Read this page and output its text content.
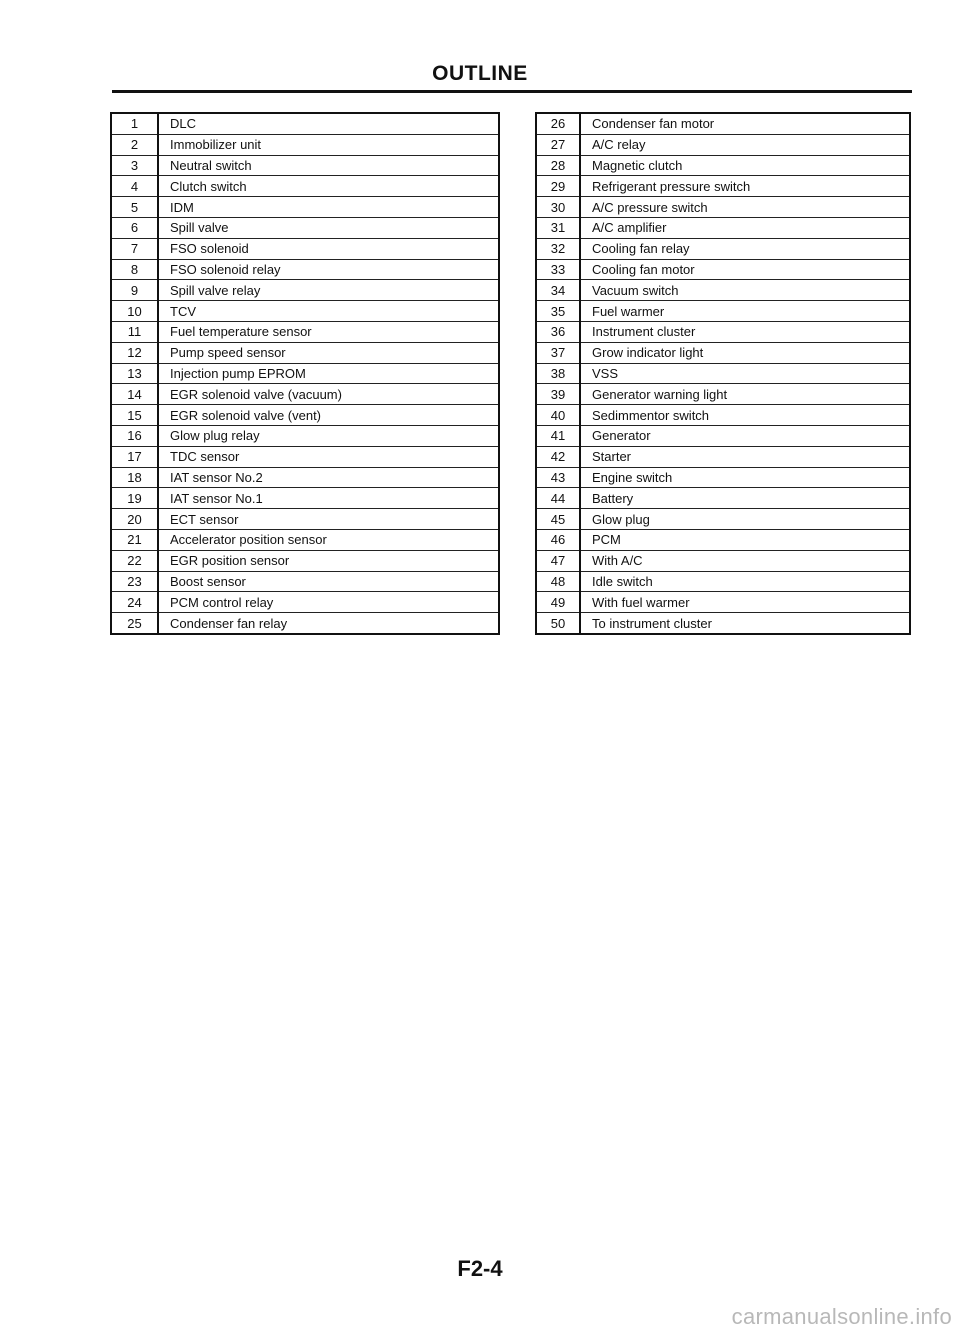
OUTLINE
1	DLC
2	Immobilizer unit
3	Neutral switch
4	Clutch switch
5	IDM
6	Spill valve
7	FSO solenoid
8	FSO solenoid relay
9	Spill valve relay
10	TCV
11	Fuel temperature sensor
12	Pump speed sensor
13	Injection pump EPROM
14	EGR solenoid valve (vacuum)
15	EGR solenoid valve (vent)
16	Glow plug relay
17	TDC sensor
18	IAT sensor No.2
19	IAT sensor No.1
20	ECT sensor
21	Accelerator position sensor
22	EGR position sensor
23	Boost sensor
24	PCM control relay
25	Condenser fan relay
26	Condenser fan motor
27	A/C relay
28	Magnetic clutch
29	Refrigerant pressure switch
30	A/C pressure switch
31	A/C amplifier
32	Cooling fan relay
33	Cooling fan motor
34	Vacuum switch
35	Fuel warmer
36	Instrument cluster
37	Grow indicator light
38	VSS
39	Generator warning light
40	Sedimmentor switch
41	Generator
42	Starter
43	Engine switch
44	Battery
45	Glow plug
46	PCM
47	With A/C
48	Idle switch
49	With fuel warmer
50	To instrument cluster
F2-4
carmanualsonline.info
